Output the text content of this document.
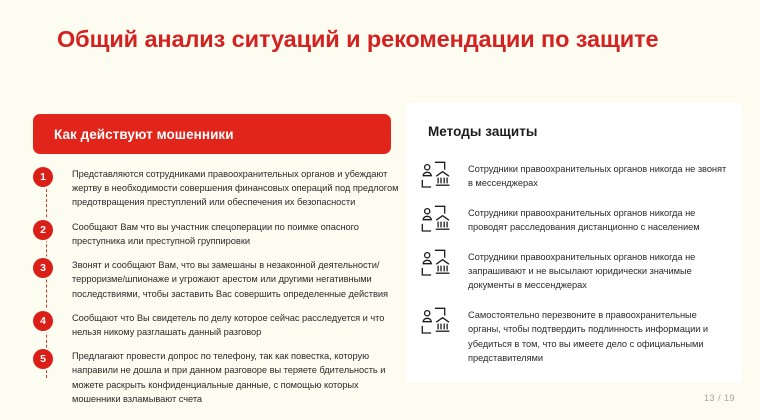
Общий анализ ситуаций и рекомендации по защите
Как действуют мошенники
1	Представляются сотрудниками правоохранительных органов и убеждают жертву в необходимости совершения финансовых операций под предлогом предотвращения преступлений или обеспечения их безопасности
2	Сообщают Вам что вы участник спецоперации по поимке опасного преступника или преступной группировки
3	Звонят и сообщают Вам, что вы замешаны в незаконной деятельности/терроризме/шпионаже и угрожают арестом или другими негативными последствиями, чтобы заставить Вас совершить определенные действия
4	Сообщают что Вы свидетель по делу которое сейчас расследуется и что нельзя никому разглашать данный разговор
5	Предлагают провести допрос по телефону, так как повестка, которую направили не дошла и при данном разговоре вы теряете бдительность и можете раскрыть конфиденциальные данные, с помощью которых мошенники взламывают счета
Методы защиты
Сотрудники правоохранительных органов никогда не звонят в мессенджерах
Сотрудники правоохранительных органов никогда не проводят расследования дистанционно с населением
Сотрудники правоохранительных органов никогда не запрашивают и не высылают юридически значимые документы в мессенджерах
Самостоятельно перезвоните в правоохранительные органы, чтобы подтвердить подлинность информации и убедиться в том, что вы имеете дело с официальными представителями
13 / 19
